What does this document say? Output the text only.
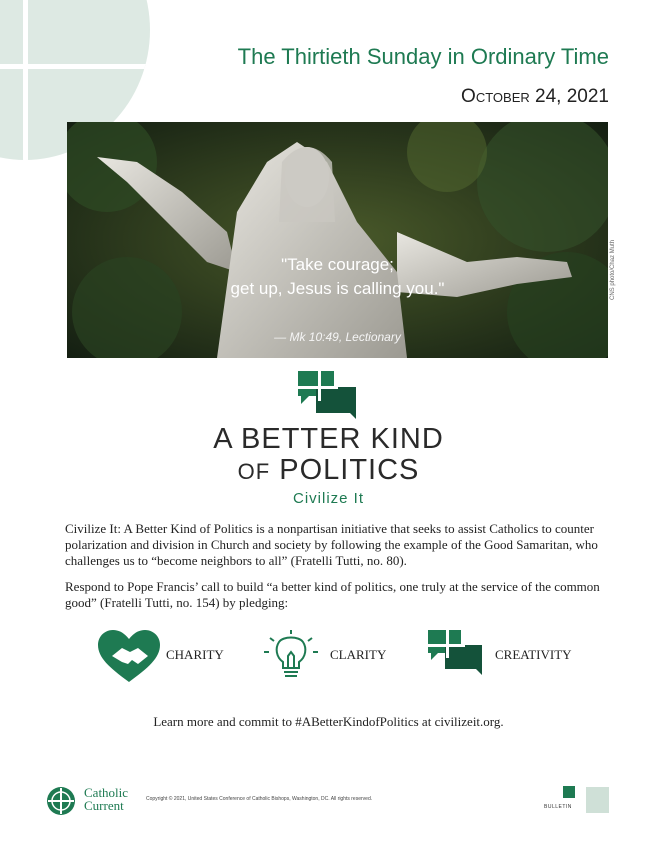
The Thirtieth Sunday in Ordinary Time
October 24, 2021
"Take courage;
get up, Jesus is calling you."
— Mk 10:49, Lectionary
CNS photo/Chaz Muth
A BETTER KIND
OF POLITICS
Civilize It
Civilize It: A Better Kind of Politics is a nonpartisan initiative that seeks to assist Catholics to counter polarization and division in Church and society by following the example of the Good Samaritan, who challenges us to “become neighbors to all” (Fratelli Tutti, no. 80).
Respond to Pope Francis’ call to build “a better kind of politics, one truly at the service of the common good” (Fratelli Tutti, no. 154) by pledging:
CHARITY	CLARITY	CREATIVITY
Learn more and commit to #ABetterKindofPolitics at civilizeit.org.
Catholic
Current	Copyright © 2021, United States Conference of Catholic Bishops, Washington, DC. All rights reserved.
BULLETIN
